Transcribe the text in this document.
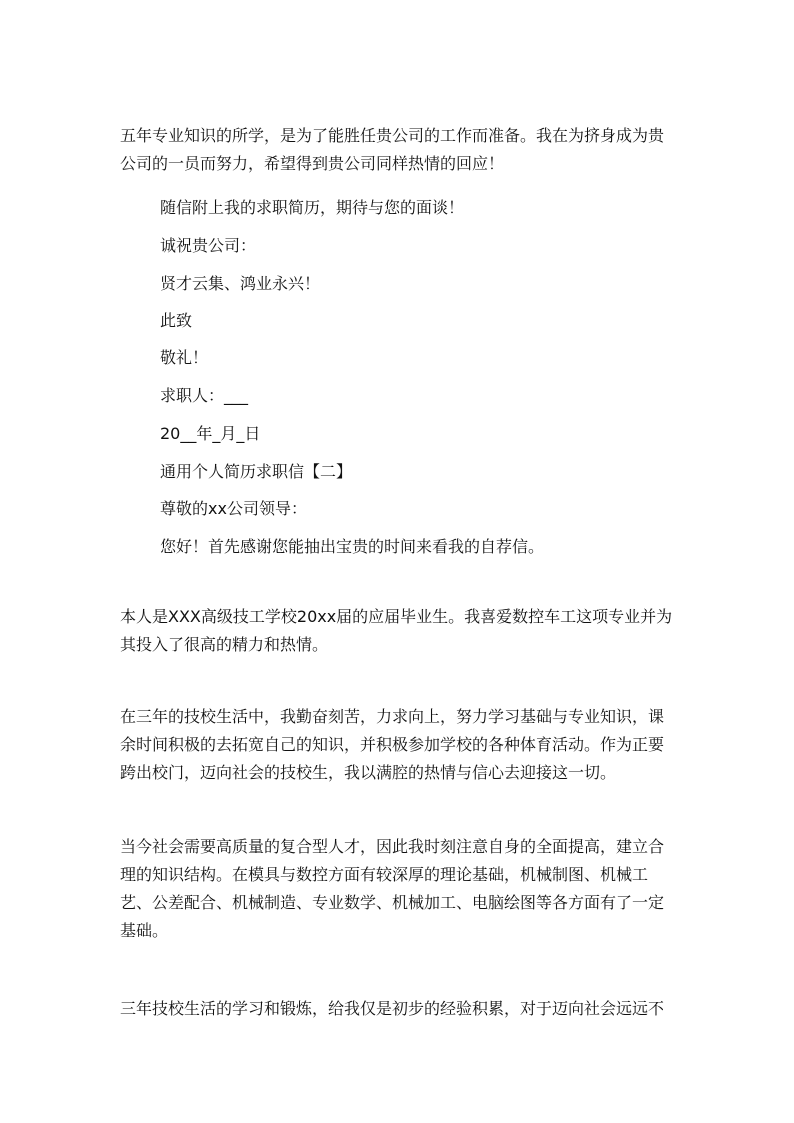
五年专业知识的所学，是为了能胜任贵公司的工作而准备。我在为挤身成为贵公司的一员而努力，希望得到贵公司同样热情的回应！

随信附上我的求职简历，期待与您的面谈！

诚祝贵公司：

贤才云集、鸿业永兴！

此致

敬礼！

求职人：___

20__年_月_日

通用个人简历求职信【二】

尊敬的xx公司领导：

您好！首先感谢您能抽出宝贵的时间来看我的自荐信。

本人是XXX高级技工学校20xx届的应届毕业生。我喜爱数控车工这项专业并为其投入了很高的精力和热情。

在三年的技校生活中，我勤奋刻苦，力求向上，努力学习基础与专业知识，课余时间积极的去拓宽自己的知识，并积极参加学校的各种体育活动。作为正要跨出校门，迈向社会的技校生，我以满腔的热情与信心去迎接这一切。

当今社会需要高质量的复合型人才，因此我时刻注意自身的全面提高，建立合理的知识结构。在模具与数控方面有较深厚的理论基础，机械制图、机械工艺、公差配合、机械制造、专业数学、机械加工、电脑绘图等各方面有了一定基础。

三年技校生活的学习和锻炼，给我仅是初步的经验积累，对于迈向社会远远不
